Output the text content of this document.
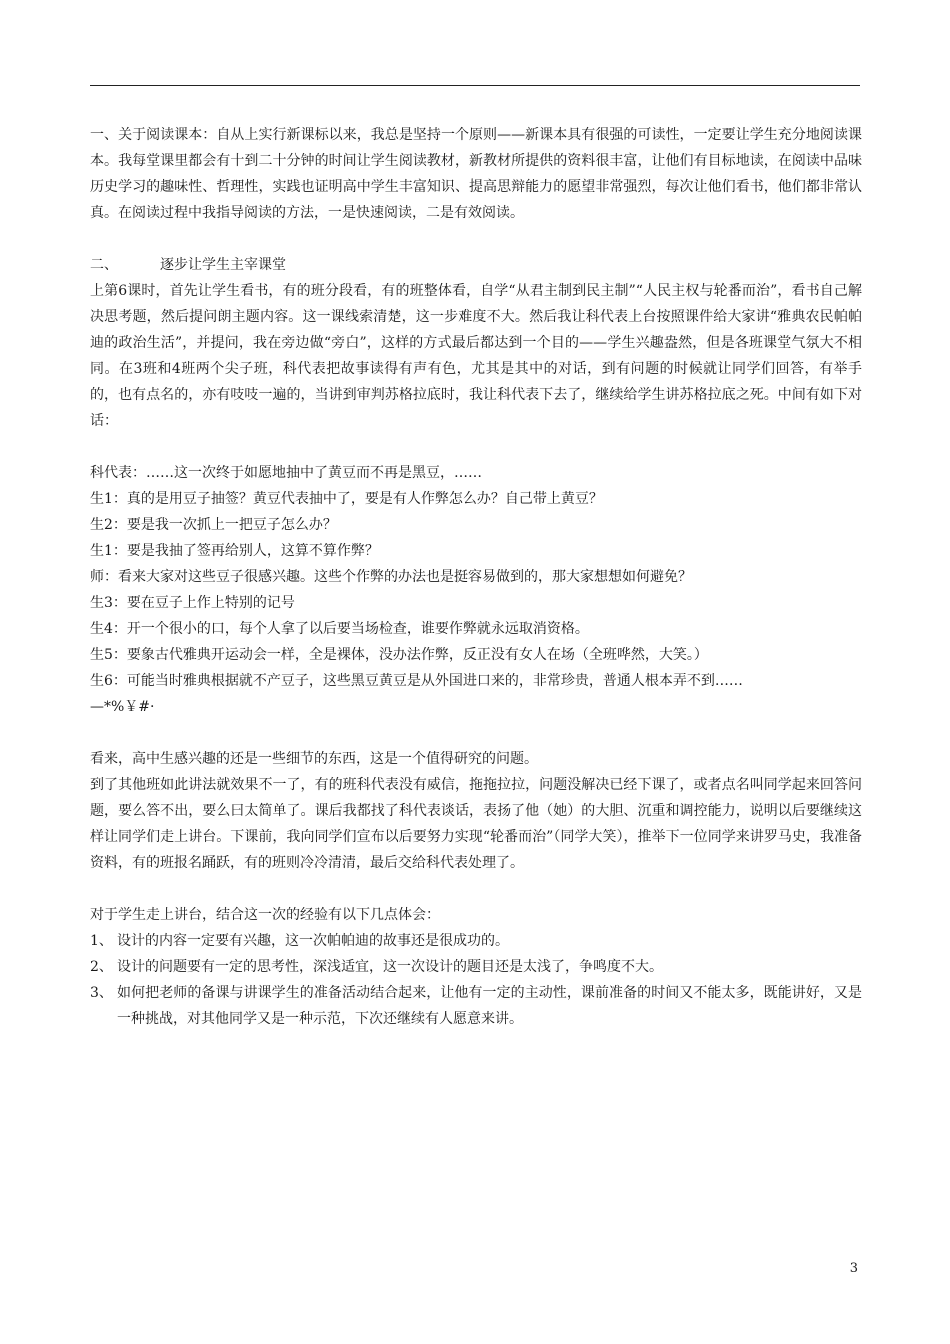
一、关于阅读课本：自从上实行新课标以来，我总是坚持一个原则——新课本具有很强的可读性，一定要让学生充分地阅读课本。我每堂课里都会有十到二十分钟的时间让学生阅读教材，新教材所提供的资料很丰富，让他们有目标地读，在阅读中品味历史学习的趣味性、哲理性，实践也证明高中学生丰富知识、提高思辩能力的愿望非常强烈，每次让他们看书，他们都非常认真。在阅读过程中我指导阅读的方法，一是快速阅读，二是有效阅读。

二、	逐步让学生主宰课堂

上第6课时，首先让学生看书，有的班分段看，有的班整体看，自学“从君主制到民主制”“人民主权与轮番而治”，看书自己解决思考题，然后提问朗主题内容。这一课线索清楚，这一步难度不大。然后我让科代表上台按照课件给大家讲“雅典农民帕帕迪的政治生活”，并提问，我在旁边做“旁白”，这样的方式最后都达到一个目的——学生兴趣盎然，但是各班课堂气氛大不相同。在3班和4班两个尖子班，科代表把故事读得有声有色，尤其是其中的对话，到有问题的时候就让同学们回答，有举手的，也有点名的，亦有吱吱一遍的，当讲到审判苏格拉底时，我让科代表下去了，继续给学生讲苏格拉底之死。中间有如下对话：

科代表：……这一次终于如愿地抽中了黄豆而不再是黑豆，……

生1：真的是用豆子抽签？黄豆代表抽中了，要是有人作弊怎么办？自己带上黄豆？

生2：要是我一次抓上一把豆子怎么办？

生1：要是我抽了签再给别人，这算不算作弊？

师：看来大家对这些豆子很感兴趣。这些个作弊的办法也是挺容易做到的，那大家想想如何避免？

生3：要在豆子上作上特别的记号

生4：开一个很小的口，每个人拿了以后要当场检查，谁要作弊就永远取消资格。

生5：要象古代雅典开运动会一样，全是裸体，没办法作弊，反正没有女人在场（全班哗然，大笑。）

生6：可能当时雅典根据就不产豆子，这些黑豆黄豆是从外国进口来的，非常珍贵，普通人根本弄不到……

—*%￥#·

看来，高中生感兴趣的还是一些细节的东西，这是一个值得研究的问题。

到了其他班如此讲法就效果不一了，有的班科代表没有威信，拖拖拉拉，问题没解决已经下课了，或者点名叫同学起来回答问题，要么答不出，要么曰太简单了。课后我都找了科代表谈话，表扬了他（她）的大胆、沉重和调控能力，说明以后要继续这样让同学们走上讲台。下课前，我向同学们宣布以后要努力实现“轮番而治”（同学大笑），推举下一位同学来讲罗马史，我准备资料，有的班报名踊跃，有的班则冷冷清清，最后交给科代表处理了。

对于学生走上讲台，结合这一次的经验有以下几点体会：

1、 设计的内容一定要有兴趣，这一次帕帕迪的故事还是很成功的。

2、 设计的问题要有一定的思考性，深浅适宜，这一次设计的题目还是太浅了，争鸣度不大。

3、 如何把老师的备课与讲课学生的准备活动结合起来，让他有一定的主动性，课前准备的时间又不能太多，既能讲好，又是一种挑战，对其他同学又是一种示范，下次还继续有人愿意来讲。

3
